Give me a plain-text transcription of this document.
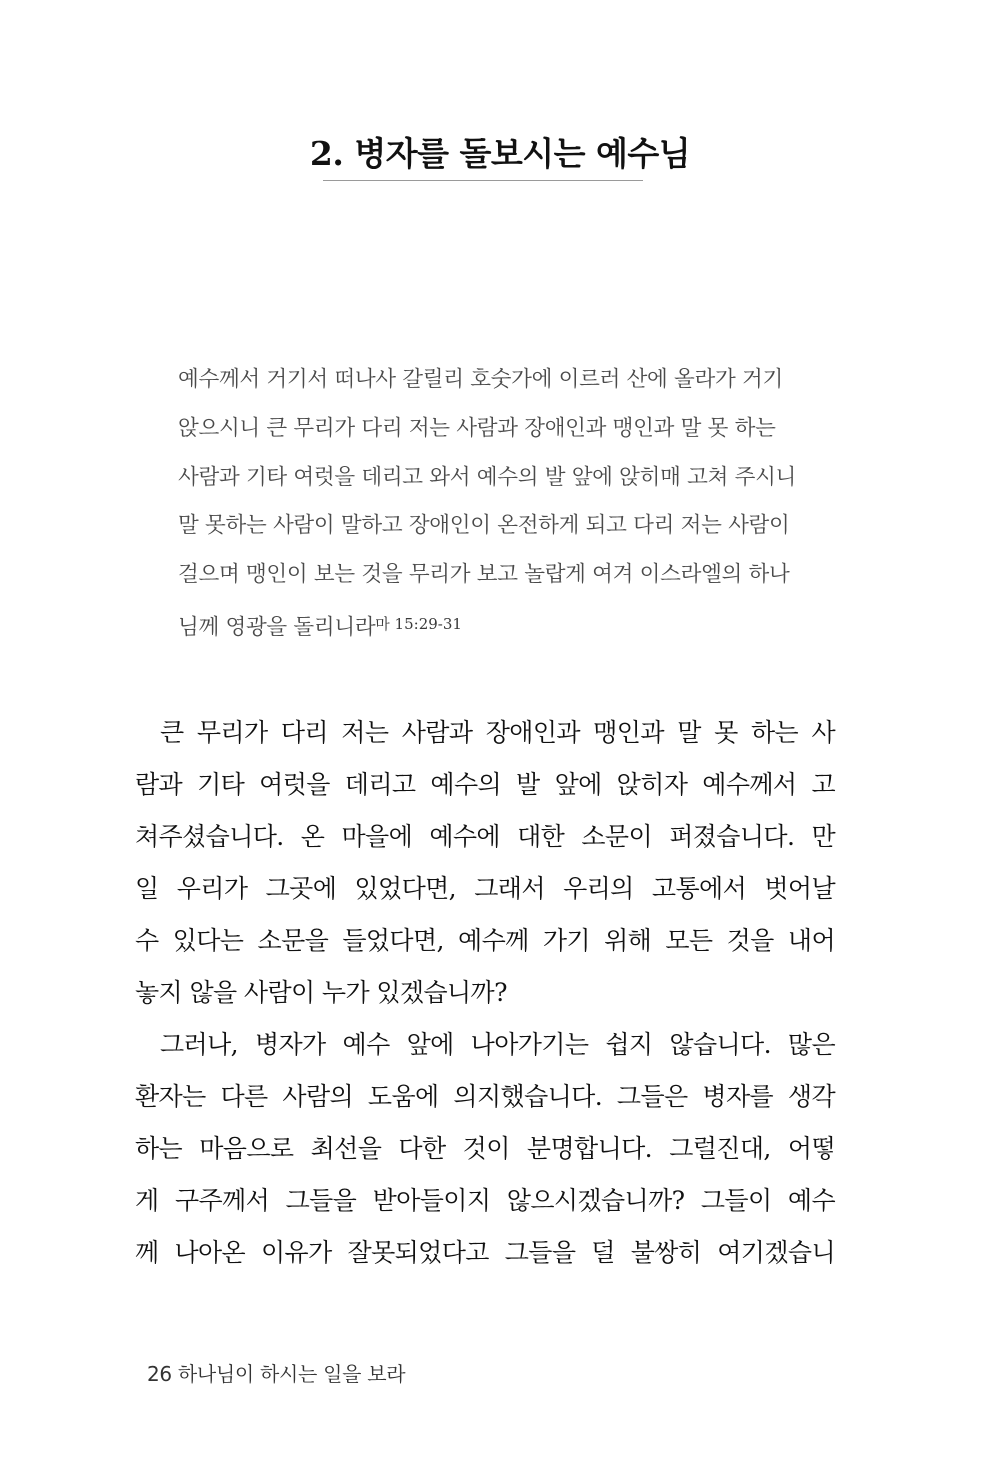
2. 병자를 돌보시는 예수님
예수께서 거기서 떠나사 갈릴리 호숫가에 이르러 산에 올라가 거기
앉으시니 큰 무리가 다리 저는 사람과 장애인과 맹인과 말 못 하는
사람과 기타 여럿을 데리고 와서 예수의 발 앞에 앉히매 고쳐 주시니
말 못하는 사람이 말하고 장애인이 온전하게 되고 다리 저는 사람이
걸으며 맹인이 보는 것을 무리가 보고 놀랍게 여겨 이스라엘의 하나
님께 영광을 돌리니라$^{마 15:29-31}$
큰 무리가 다리 저는 사람과 장애인과 맹인과 말 못 하는 사
람과 기타 여럿을 데리고 예수의 발 앞에 앉히자 예수께서 고
쳐주셨습니다. 온 마을에 예수에 대한 소문이 퍼졌습니다. 만
일 우리가 그곳에 있었다면, 그래서 우리의 고통에서 벗어날
수 있다는 소문을 들었다면, 예수께 가기 위해 모든 것을 내어
놓지 않을 사람이 누가 있겠습니까?
그러나, 병자가 예수 앞에 나아가기는 쉽지 않습니다. 많은
환자는 다른 사람의 도움에 의지했습니다. 그들은 병자를 생각
하는 마음으로 최선을 다한 것이 분명합니다. 그럴진대, 어떻
게 구주께서 그들을 받아들이지 않으시겠습니까? 그들이 예수
께 나아온 이유가 잘못되었다고 그들을 덜 불쌍히 여기겠습니
26 하나님이 하시는 일을 보라
